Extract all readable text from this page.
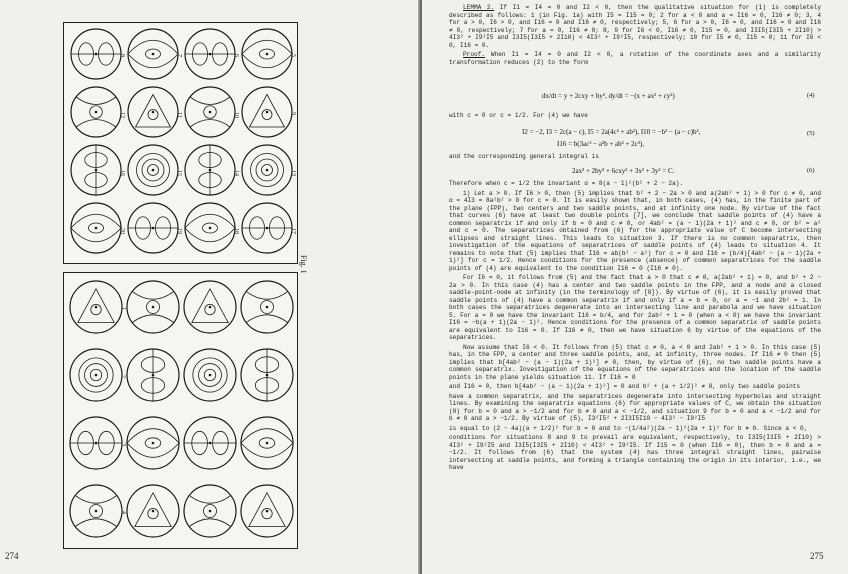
8
12
16
20
7
11
15
19
6
10
14
18
5
9
13
17
1
2
3
4
Fig. 1
274

LEMMA 2. If I1 = I4 = 0 and I2 < 0, then the qualitative situation for (1) is completely described as follows: 1 (in Fig. 1a) with I5 = I15 = 0; 2 for a < 0 and a = I16 = 0, I16 ≠ 0; 3, 4 for a > 0, I6 > 0, and I16 = 0 and I16 ≠ 0, respectively; 5, 6 for a > 0, I6 = 0, and I16 = 0 and I16 ≠ 0, respectively; 7 for a = 0, I16 ≠ 0; 8, 9 for I6 < 0, I16 ≠ 0, I15 = 0, and I3I5(I3I5 + 2I10) > 4I3² + I9²I5 and I3I5(I3I5 + 2I10) < 4I3² + I9²I5, respectively; 10 for I5 ≠ 0, I15 = 0; 11 for I6 < 0, I16 = 0.

Proof. When I1 = I4 = 0 and I2 < 0, a rotation of the coordinate axes and a similarity transformation reduces (2) to the form

dx/dt = y + 2cxy + by², dy/dt = −(x + ax² + cy²)	(4)

with c = 0 or c = 1/2. For (4) we have

I2 = −2, I3 = 2c(a − c), I5 = 2a(4c² + ab²), I10 = −b² − (a − c)b²,	(5)
I16 = b(3ac² − a²b + ab² + 2c³),

and the corresponding general integral is

2ax³ + 2by³ + 6cxy² + 3x² + 3y² = C.	(6)

Therefore when c = 1/2 the invariant α = 8(a − 1)²(b² + 2 − 2a).

1) Let a > 0. If I6 > 0, then (5) implies that b² + 2 − 2a > 0 and a(2ab² + 1) > 0 for c ≠ 0, and α = 4I3 = 8a²b² > 0 for c = 0. It is easily shown that, in both cases, (4) has, in the finite part of the plane (FPP), two centers and two saddle points, and at infinity one node. By virtue of the fact that curves (6) have at least two double points [7], we conclude that saddle points of (4) have a common separatrix if and only if b = 0 and c ≠ 0, or 4ab² = (a − 1)(2a + 1)² and c ≠ 0, or b² = a² and c = 0. The separatrices obtained from (6) for the appropriate value of C become intersecting ellipses and straight lines. This leads to situation 3. If there is no common separatrix, then investigation of the equations of separatrices of saddle points of (4) leads to situation 4. It remains to note that (5) implies that I16 = ab(b² − a²) for c = 0 and I16 = (b/4)[4ab² − (a − 1)(2a + 1)²] for c = 1/2. Hence conditions for the presence (absence) of common separatrices for the saddle points of (4) are equivalent to the condition I16 = 0 (I16 ≠ 0).

For I6 = 0, it follows from (5) and the fact that a > 0 that c ≠ 0, a(2ab² + 1) = 0, and b² + 2 − 2a > 0. In this case (4) has a center and two saddle points in the FPP, and a node and a closed saddle-point-node at infinity (in the terminology of [8]). By virtue of (6), it is easily proved that saddle points of (4) have a common separatrix if and only if a = b = 0, or a = −1 and 2b² = 1. In both cases the separatrices degenerate into an intersecting line and parabola and we have situation 5. For a = 0 we have the invariant I16 = b/4, and for 2ab² + 1 = 0 (when a < 0) we have the invariant I16 = −b(a + 1)(2a − 1)². Hence conditions for the presence of a common separatrix of saddle points are equivalent to I16 = 0. If I16 ≠ 0, then we have situation 6 by virtue of the equations of the separatrices.

Now assume that I6 < 0. It follows from (5) that c ≠ 0, a < 0 and 2ab² + 1 > 0. In this case (5) has, in the FPP, a center and three saddle points, and, at infinity, three nodes. If I16 ≠ 0 then (5) implies that b[4ab² − (a − 1)(2a + 1)²] ≠ 0, then, by virtue of (6), no two saddle points have a common separatrix. Investigation of the equations of the separatrices and the location of the saddle points in the plane yields situation 11. If I16 = 0

and I16 = 0, then b[4ab² − (a − 1)(2a + 1)²] = 0 and b² + (a + 1/2)² ≠ 0, only two saddle points

have a common separatrix, and the separatrices degenerate into intersecting hyperbolas and straight lines. By examining the separatrix equations (6) for appropriate values of C, we obtain the situation (8) for b = 0 and a > −1/2 and for b ≠ 0 and a < −1/2, and situation 9 for b = 0 and a < −1/2 and for b ≠ 0 and a > −1/2. By virtue of (5), I3²I5² + 2I3I5I10 − 4I3² − I9²I5

is equal to (2 − 4a)(a + 1/2)² for b = 0 and to −(1/4a²)(2a − 1)²(2a + 1)² for b ≠ 0. Since a < 0,

conditions for situations 8 and 9 to prevail are equivalent, respectively, to I3I5(I3I5 + 2I10) > 4I3² + I9²I5 and I3I5(I3I5 + 2I10) < 4I3² + I9²I5. If I15 = 0 (when I16 = 0), then b = 0 and a = −1/2. It follows from (6) that the system (4) has three integral straight lines, pairwise intersecting at saddle points, and forming a triangle containing the origin in its interior, i.e., we have

275
